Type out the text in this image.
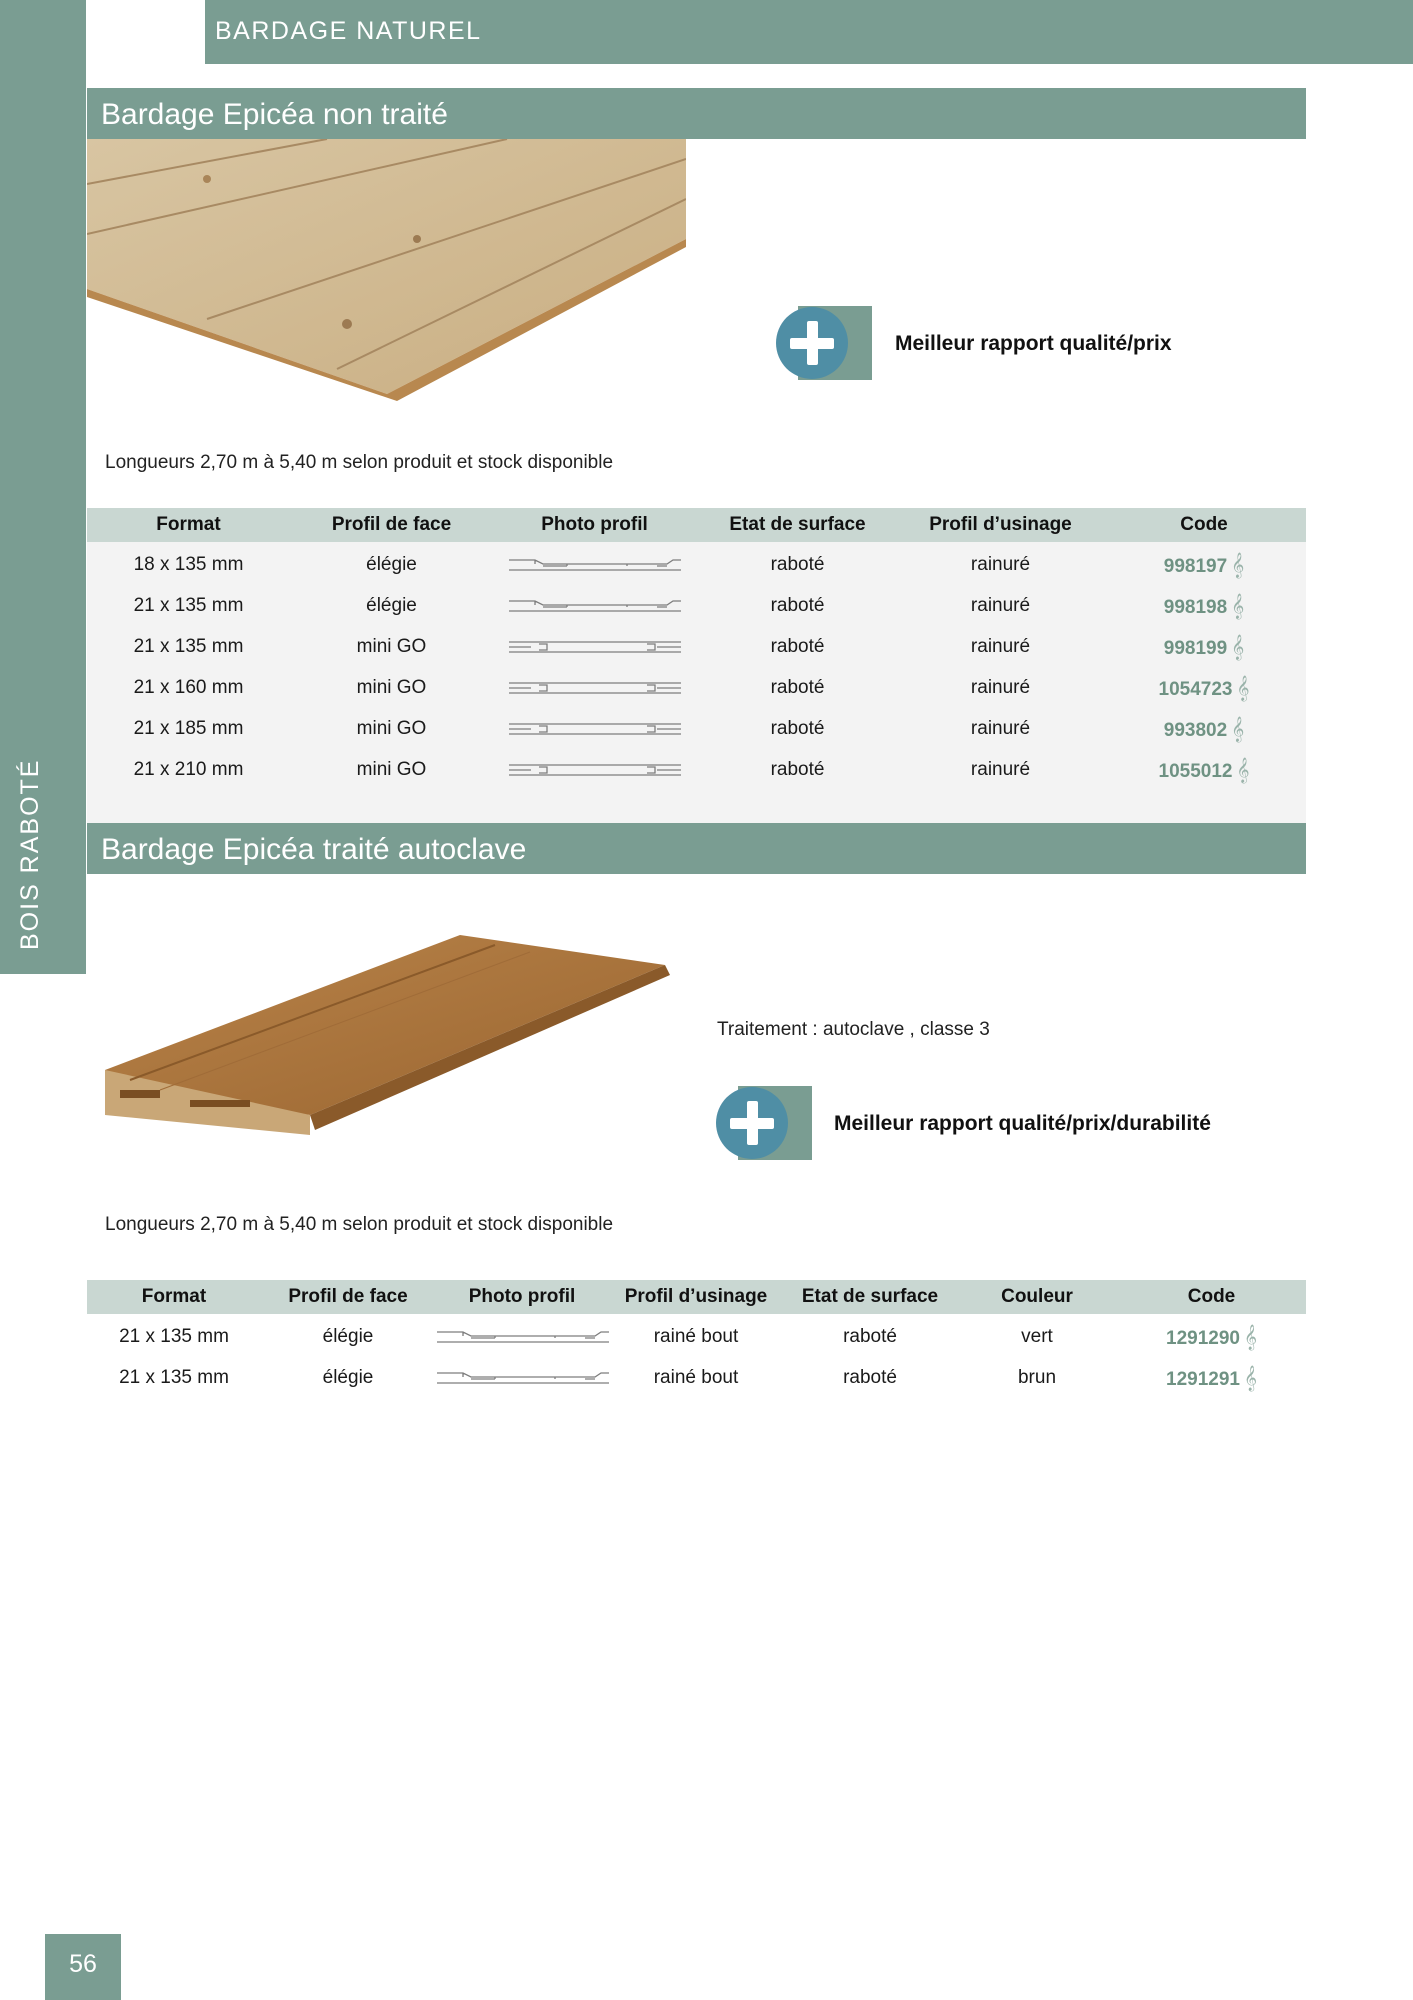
BOIS RABOTÉ
BARDAGE NATUREL
Bardage Epicéa non traité
Meilleur rapport qualité/prix
Longueurs 2,70 m à 5,40 m selon produit et stock disponible
Format	Profil de face	Photo profil	Etat de surface	Profil d’usinage	Code
18 x 135 mm	élégie	raboté	rainuré	998197 𝄞
21 x 135 mm	élégie	raboté	rainuré	998198 𝄞
21 x 135 mm	mini GO	raboté	rainuré	998199 𝄞
21 x 160 mm	mini GO	raboté	rainuré	1054723 𝄞
21 x 185 mm	mini GO	raboté	rainuré	993802 𝄞
21 x 210 mm	mini GO	raboté	rainuré	1055012 𝄞
Bardage Epicéa traité autoclave
Traitement : autoclave , classe 3
Meilleur rapport qualité/prix/durabilité
Longueurs 2,70 m à 5,40 m selon produit et stock disponible
Format	Profil de face	Photo profil	Profil d’usinage	Etat de surface	Couleur	Code
21 x 135 mm	élégie	rainé bout	raboté	vert	1291290 𝄞
21 x 135 mm	élégie	rainé bout	raboté	brun	1291291 𝄞
56
